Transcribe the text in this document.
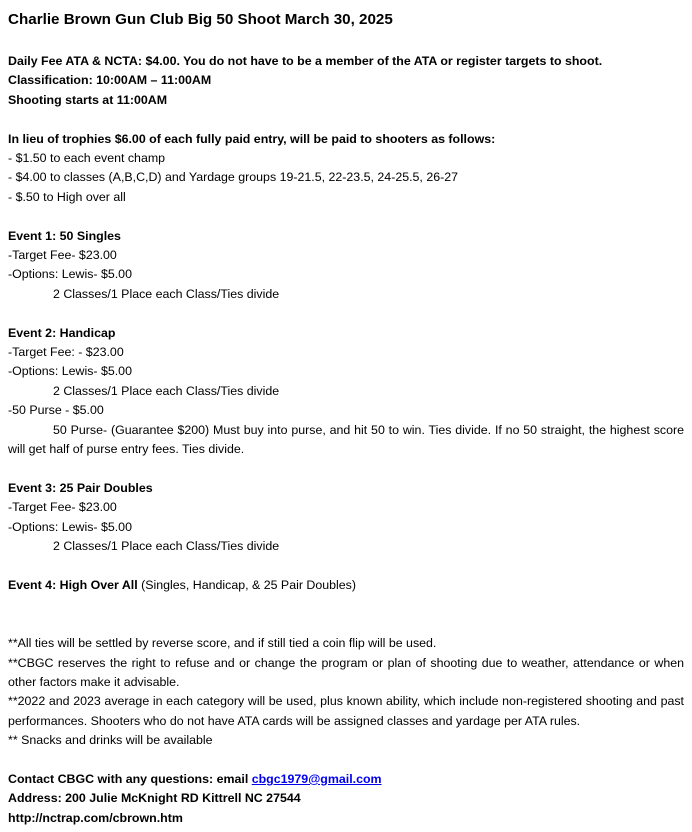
Charlie Brown Gun Club Big 50 Shoot March 30, 2025
Daily Fee ATA & NCTA: $4.00. You do not have to be a member of the ATA or register targets to shoot.
Classification: 10:00AM – 11:00AM
Shooting starts at 11:00AM
In lieu of trophies $6.00 of each fully paid entry, will be paid to shooters as follows:
- $1.50 to each event champ
- $4.00 to classes (A,B,C,D) and Yardage groups 19-21.5, 22-23.5, 24-25.5, 26-27
- $.50 to High over all
Event 1: 50 Singles
-Target Fee- $23.00
-Options: Lewis- $5.00
2 Classes/1 Place each Class/Ties divide
Event 2: Handicap
-Target Fee: - $23.00
-Options: Lewis- $5.00
2 Classes/1 Place each Class/Ties divide
-50 Purse - $5.00
50 Purse- (Guarantee $200) Must buy into purse, and hit 50 to win. Ties divide. If no 50 straight, the highest score will get half of purse entry fees. Ties divide.
Event 3: 25 Pair Doubles
-Target Fee- $23.00
-Options: Lewis- $5.00
2 Classes/1 Place each Class/Ties divide
Event 4: High Over All (Singles, Handicap, & 25 Pair Doubles)
**All ties will be settled by reverse score, and if still tied a coin flip will be used.
**CBGC reserves the right to refuse and or change the program or plan of shooting due to weather, attendance or when other factors make it advisable.
**2022 and 2023 average in each category will be used, plus known ability, which include non-registered shooting and past performances. Shooters who do not have ATA cards will be assigned classes and yardage per ATA rules.
** Snacks and drinks will be available
Contact CBGC with any questions: email cbgc1979@gmail.com
Address: 200 Julie McKnight RD Kittrell NC 27544
http://nctrap.com/cbrown.htm
